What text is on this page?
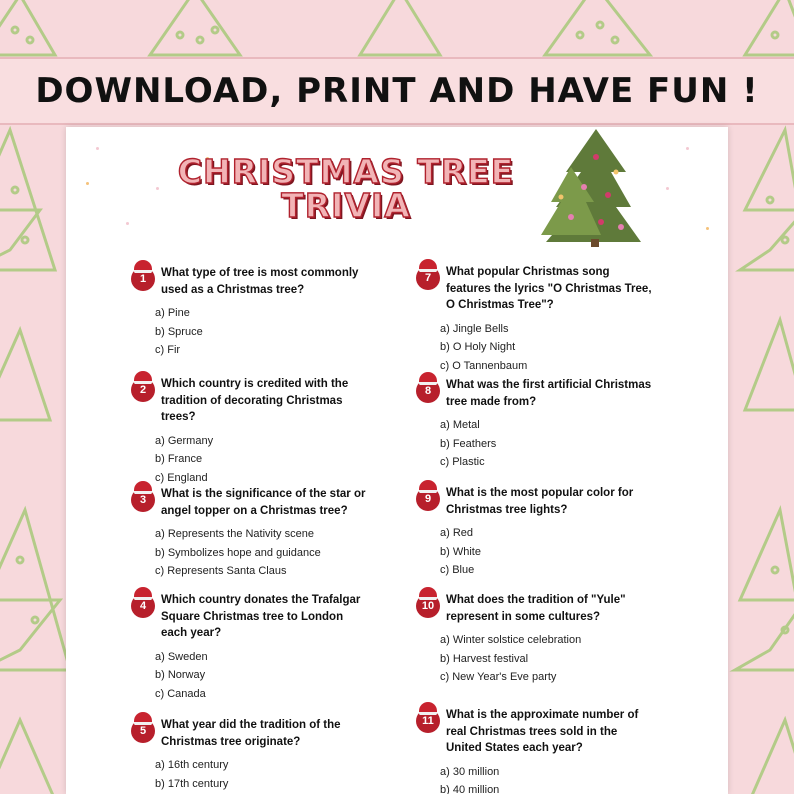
DOWNLOAD, PRINT AND HAVE FUN !
CHRISTMAS TREE
TRIVIA
1	What type of tree is most commonly used as a Christmas tree?
a) Pine
b) Spruce
c) Fir
2	Which country is credited with the tradition of decorating Christmas trees?
a) Germany
b) France
c) England
3	What is the significance of the star or angel topper on a Christmas tree?
a) Represents the Nativity scene
b) Symbolizes hope and guidance
c) Represents Santa Claus
4	Which country donates the Trafalgar Square Christmas tree to London each year?
a) Sweden
b) Norway
c) Canada
5	What year did the tradition of the Christmas tree originate?
a) 16th century
b) 17th century
7	What popular Christmas song features the lyrics "O Christmas Tree, O Christmas Tree"?
a) Jingle Bells
b) O Holy Night
c) O Tannenbaum
8	What was the first artificial Christmas tree made from?
a) Metal
b) Feathers
c) Plastic
9	What is the most popular color for Christmas tree lights?
a) Red
b) White
c) Blue
10	What does the tradition of "Yule" represent in some cultures?
a) Winter solstice celebration
b) Harvest festival
c) New Year's Eve party
11	What is the approximate number of real Christmas trees sold in the United States each year?
a) 30 million
b) 40 million
